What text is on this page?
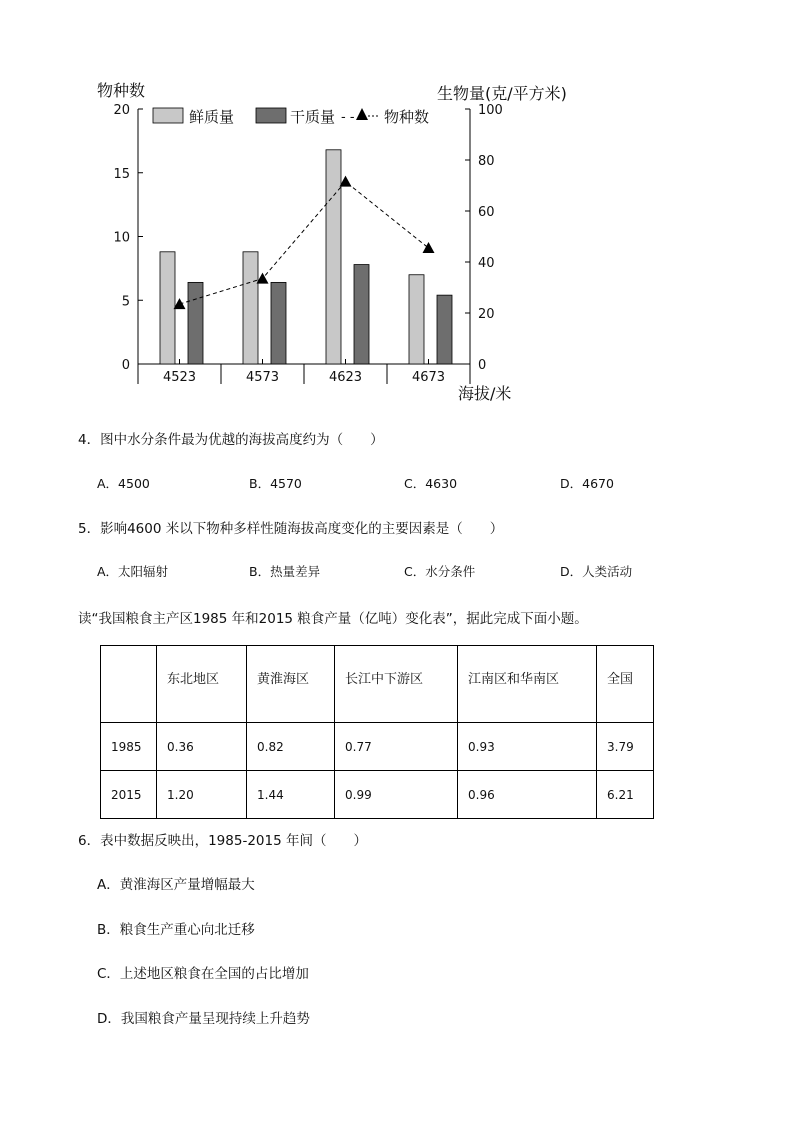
0
5
10
15
20
0
20
40
60
80
100
4523	4573	4623	4673
物种数	生物量(克/平方米)
海拔/米
鲜质量	干质量 - - 物种数
4．图中水分条件最为优越的海拔高度约为（　　）
A．4500	B．4570	C．4630	D．4670
5．影响4600 米以下物种多样性随海拔高度变化的主要因素是（　　）
A．太阳辐射	B．热量差异	C．水分条件	D．人类活动
读“我国粮食主产区1985 年和2015 粮食产量（亿吨）变化表”，据此完成下面小题。
	东北地区	黄淮海区	长江中下游区	江南区和华南区	全国
1985	0.36	0.82	0.77	0.93	3.79
2015	1.20	1.44	0.99	0.96	6.21
6．表中数据反映出，1985-2015 年间（　　）
A．黄淮海区产量增幅最大
B．粮食生产重心向北迁移
C．上述地区粮食在全国的占比增加
D．我国粮食产量呈现持续上升趋势
